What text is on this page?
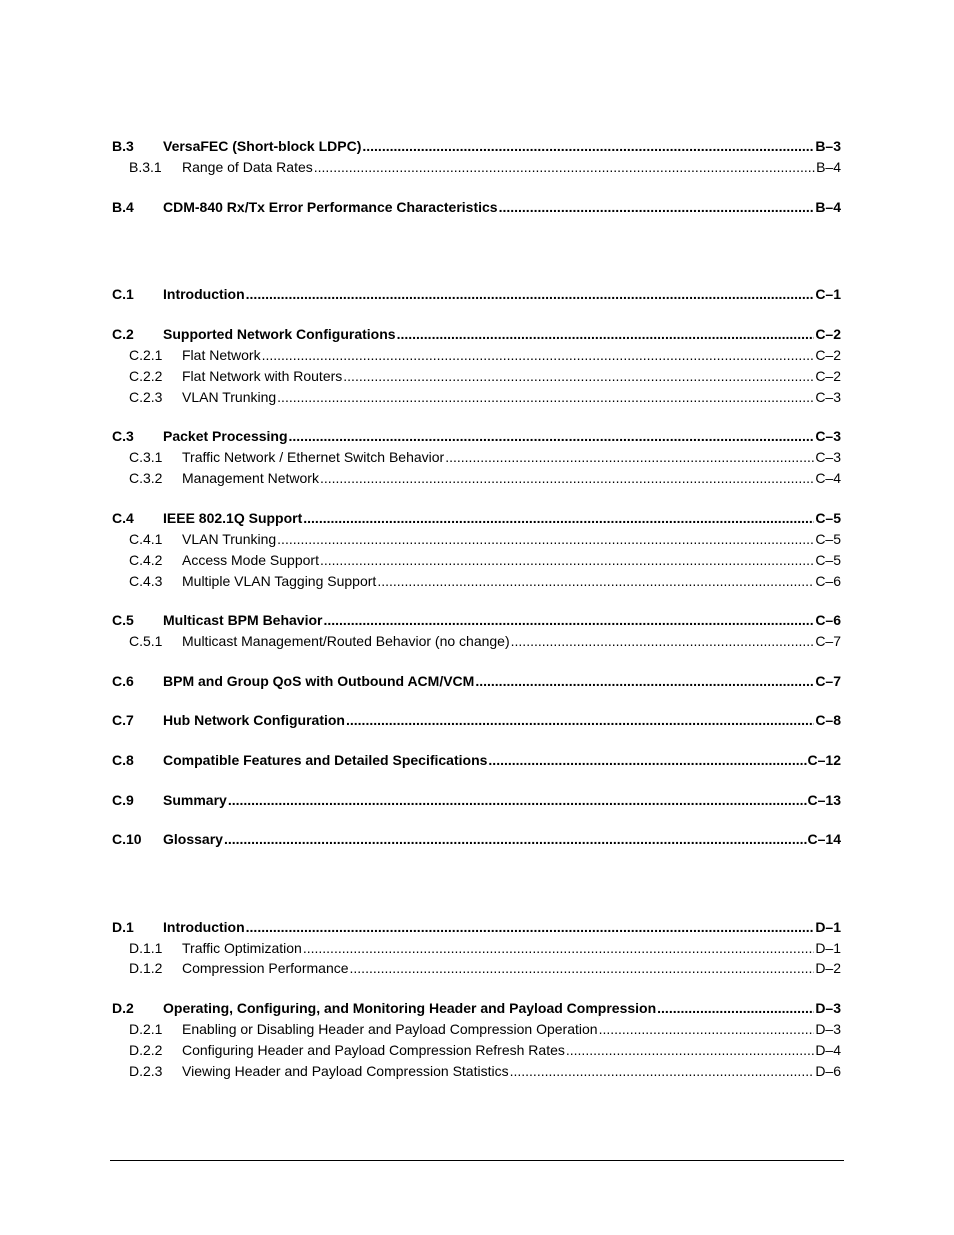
B.3	VersaFEC (Short-block LDPC) .....	B–3
B.3.1	Range of Data Rates .....	B–4
B.4	CDM-840 Rx/Tx Error Performance Characteristics .....	B–4
C.1	Introduction .....	C–1
C.2	Supported Network Configurations .....	C–2
C.2.1	Flat Network .....	C–2
C.2.2	Flat Network with Routers .....	C–2
C.2.3	VLAN Trunking .....	C–3
C.3	Packet Processing .....	C–3
C.3.1	Traffic Network / Ethernet Switch Behavior .....	C–3
C.3.2	Management Network .....	C–4
C.4	IEEE 802.1Q Support .....	C–5
C.4.1	VLAN Trunking .....	C–5
C.4.2	Access Mode Support .....	C–5
C.4.3	Multiple VLAN Tagging Support .....	C–6
C.5	Multicast BPM Behavior .....	C–6
C.5.1	Multicast Management/Routed Behavior (no change) .....	C–7
C.6	BPM and Group QoS with Outbound ACM/VCM .....	C–7
C.7	Hub Network Configuration .....	C–8
C.8	Compatible Features and Detailed Specifications .....	C–12
C.9	Summary .....	C–13
C.10	Glossary .....	C–14
D.1	Introduction .....	D–1
D.1.1	Traffic Optimization .....	D–1
D.1.2	Compression Performance .....	D–2
D.2	Operating, Configuring, and Monitoring Header and Payload Compression .....	D–3
D.2.1	Enabling or Disabling Header and Payload Compression Operation .....	D–3
D.2.2	Configuring Header and Payload Compression Refresh Rates .....	D–4
D.2.3	Viewing Header and Payload Compression Statistics .....	D–6
